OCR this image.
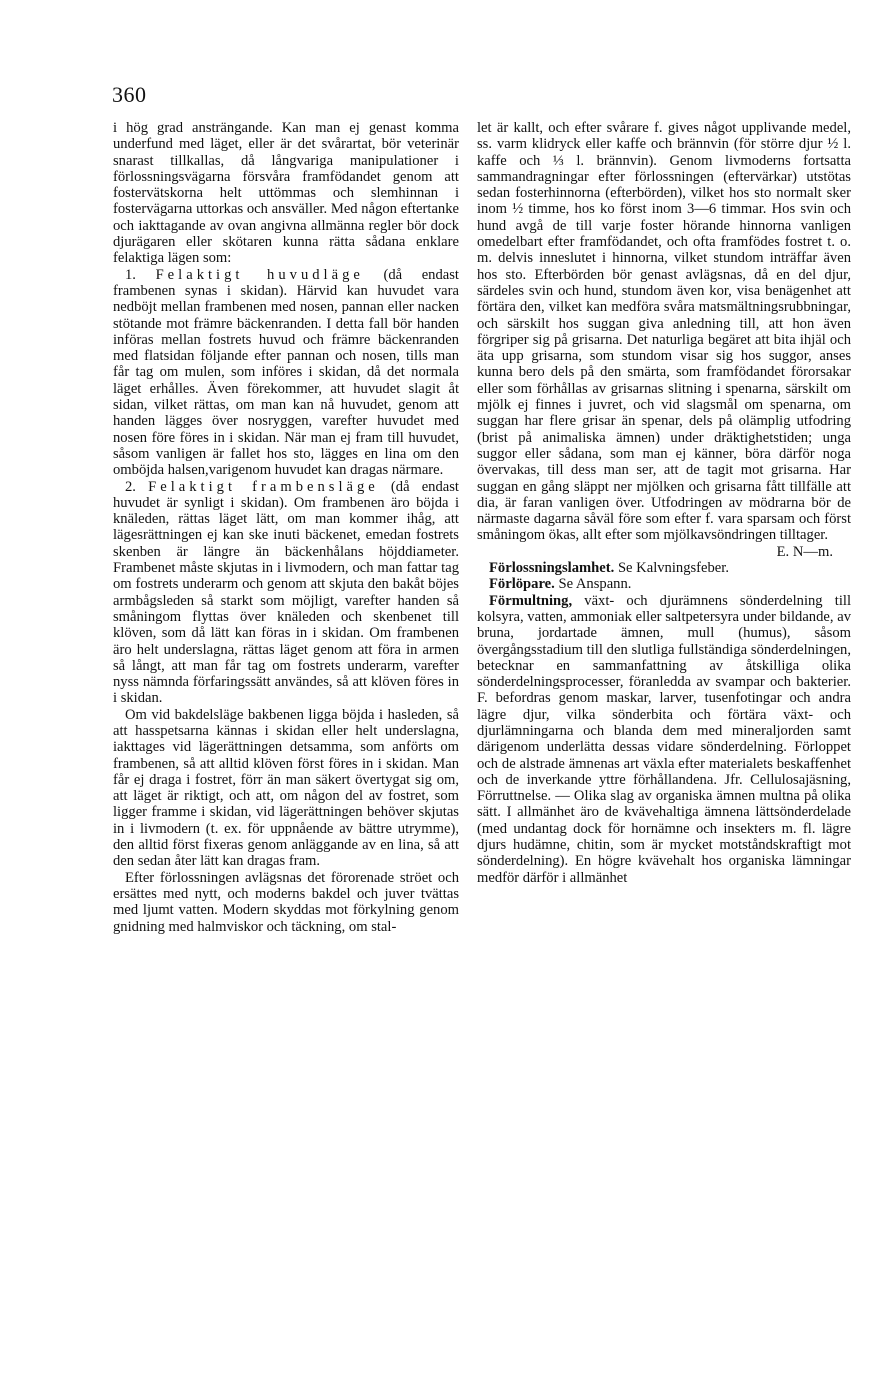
360

i hög grad ansträngande. Kan man ej genast komma underfund med läget, eller är det svårartat, bör veterinär snarast tillkallas, då långvariga manipulationer i förlossningsvägarna försvåra framfödandet genom att fostervätskorna helt uttömmas och slemhinnan i fostervägarna uttorkas och ansväller. Med någon eftertanke och iakttagande av ovan angivna allmänna regler bör dock djurägaren eller skötaren kunna rätta sådana enklare felaktiga lägen som:

1. Felaktigt huvudläge (då endast frambenen synas i skidan). Härvid kan huvudet vara nedböjt mellan frambenen med nosen, pannan eller nacken stötande mot främre bäckenranden. I detta fall bör handen införas mellan fostrets huvud och främre bäckenranden med flatsidan följande efter pannan och nosen, tills man får tag om mulen, som införes i skidan, då det normala läget erhålles. Även förekommer, att huvudet slagit åt sidan, vilket rättas, om man kan nå huvudet, genom att handen lägges över nosryggen, varefter huvudet med nosen före föres in i skidan. När man ej fram till huvudet, såsom vanligen är fallet hos sto, lägges en lina om den omböjda halsen,varigenom huvudet kan dragas närmare.

2. Felaktigt frambensläge (då endast huvudet är synligt i skidan). Om frambenen äro böjda i knäleden, rättas läget lätt, om man kommer ihåg, att lägesrättningen ej kan ske inuti bäckenet, emedan fostrets skenben är längre än bäckenhålans höjddiameter. Frambenet måste skjutas in i livmodern, och man fattar tag om fostrets underarm och genom att skjuta den bakåt böjes armbågsleden så starkt som möjligt, varefter handen så småningom flyttas över knäleden och skenbenet till klöven, som då lätt kan föras in i skidan. Om frambenen äro helt underslagna, rättas läget genom att föra in armen så långt, att man får tag om fostrets underarm, varefter nyss nämnda förfaringssätt användes, så att klöven föres in i skidan.

Om vid bakdelsläge bakbenen ligga böjda i hasleden, så att hasspetsarna kännas i skidan eller helt underslagna, iakttages vid lägerättningen detsamma, som anförts om frambenen, så att alltid klöven först föres in i skidan. Man får ej draga i fostret, förr än man säkert övertygat sig om, att läget är riktigt, och att, om någon del av fostret, som ligger framme i skidan, vid lägerättningen behöver skjutas in i livmodern (t. ex. för uppnående av bättre utrymme), den alltid först fixeras genom anläggande av en lina, så att den sedan åter lätt kan dragas fram.

Efter förlossningen avlägsnas det förorenade ströet och ersättes med nytt, och moderns bakdel och juver tvättas med ljumt vatten. Modern skyddas mot förkylning genom gnidning med halmviskor och täckning, om stal-

let är kallt, och efter svårare f. gives något upplivande medel, ss. varm klidryck eller kaffe och brännvin (för större djur ½ l. kaffe och ⅓ l. brännvin). Genom livmoderns fortsatta sammandragningar efter förlossningen (eftervärkar) utstötas sedan fosterhinnorna (efterbörden), vilket hos sto normalt sker inom ½ timme, hos ko först inom 3—6 timmar. Hos svin och hund avgå de till varje foster hörande hinnorna vanligen omedelbart efter framfödandet, och ofta framfödes fostret t. o. m. delvis inneslutet i hinnorna, vilket stundom inträffar även hos sto. Efterbörden bör genast avlägsnas, då en del djur, särdeles svin och hund, stundom även kor, visa benägenhet att förtära den, vilket kan medföra svåra matsmältningsrubbningar, och särskilt hos suggan giva anledning till, att hon även förgriper sig på grisarna. Det naturliga begäret att bita ihjäl och äta upp grisarna, som stundom visar sig hos suggor, anses kunna bero dels på den smärta, som framfödandet förorsakar eller som förhållas av grisarnas slitning i spenarna, särskilt om mjölk ej finnes i juvret, och vid slagsmål om spenarna, om suggan har flere grisar än spenar, dels på olämplig utfodring (brist på animaliska ämnen) under dräktighetstiden; unga suggor eller sådana, som man ej känner, böra därför noga övervakas, till dess man ser, att de tagit mot grisarna. Har suggan en gång släppt ner mjölken och grisarna fått tillfälle att dia, är faran vanligen över. Utfodringen av mödrarna bör de närmaste dagarna såväl före som efter f. vara sparsam och först småningom ökas, allt efter som mjölkavsöndringen tilltager.

E. N—m.

Förlossningslamhet. Se Kalvningsfeber.

Förlöpare. Se Anspann.

Förmultning, växt- och djurämnens sönderdelning till kolsyra, vatten, ammoniak eller saltpetersyra under bildande, av bruna, jordartade ämnen, mull (humus), såsom övergångsstadium till den slutliga fullständiga sönderdelningen, betecknar en sammanfattning av åtskilliga olika sönderdelningsprocesser, föranledda av svampar och bakterier. F. befordras genom maskar, larver, tusenfotingar och andra lägre djur, vilka sönderbita och förtära växt- och djurlämningarna och blanda dem med mineraljorden samt därigenom underlätta dessas vidare sönderdelning. Förloppet och de alstrade ämnenas art växla efter materialets beskaffenhet och de inverkande yttre förhållandena. Jfr. Cellulosajäsning, Förruttnelse. — Olika slag av organiska ämnen multna på olika sätt. I allmänhet äro de kvävehaltiga ämnena lättsönderdelade (med undantag dock för hornämne och insekters m. fl. lägre djurs hudämne, chitin, som är mycket motståndskraftigt mot sönderdelning). En högre kvävehalt hos organiska lämningar medför därför i allmänhet
